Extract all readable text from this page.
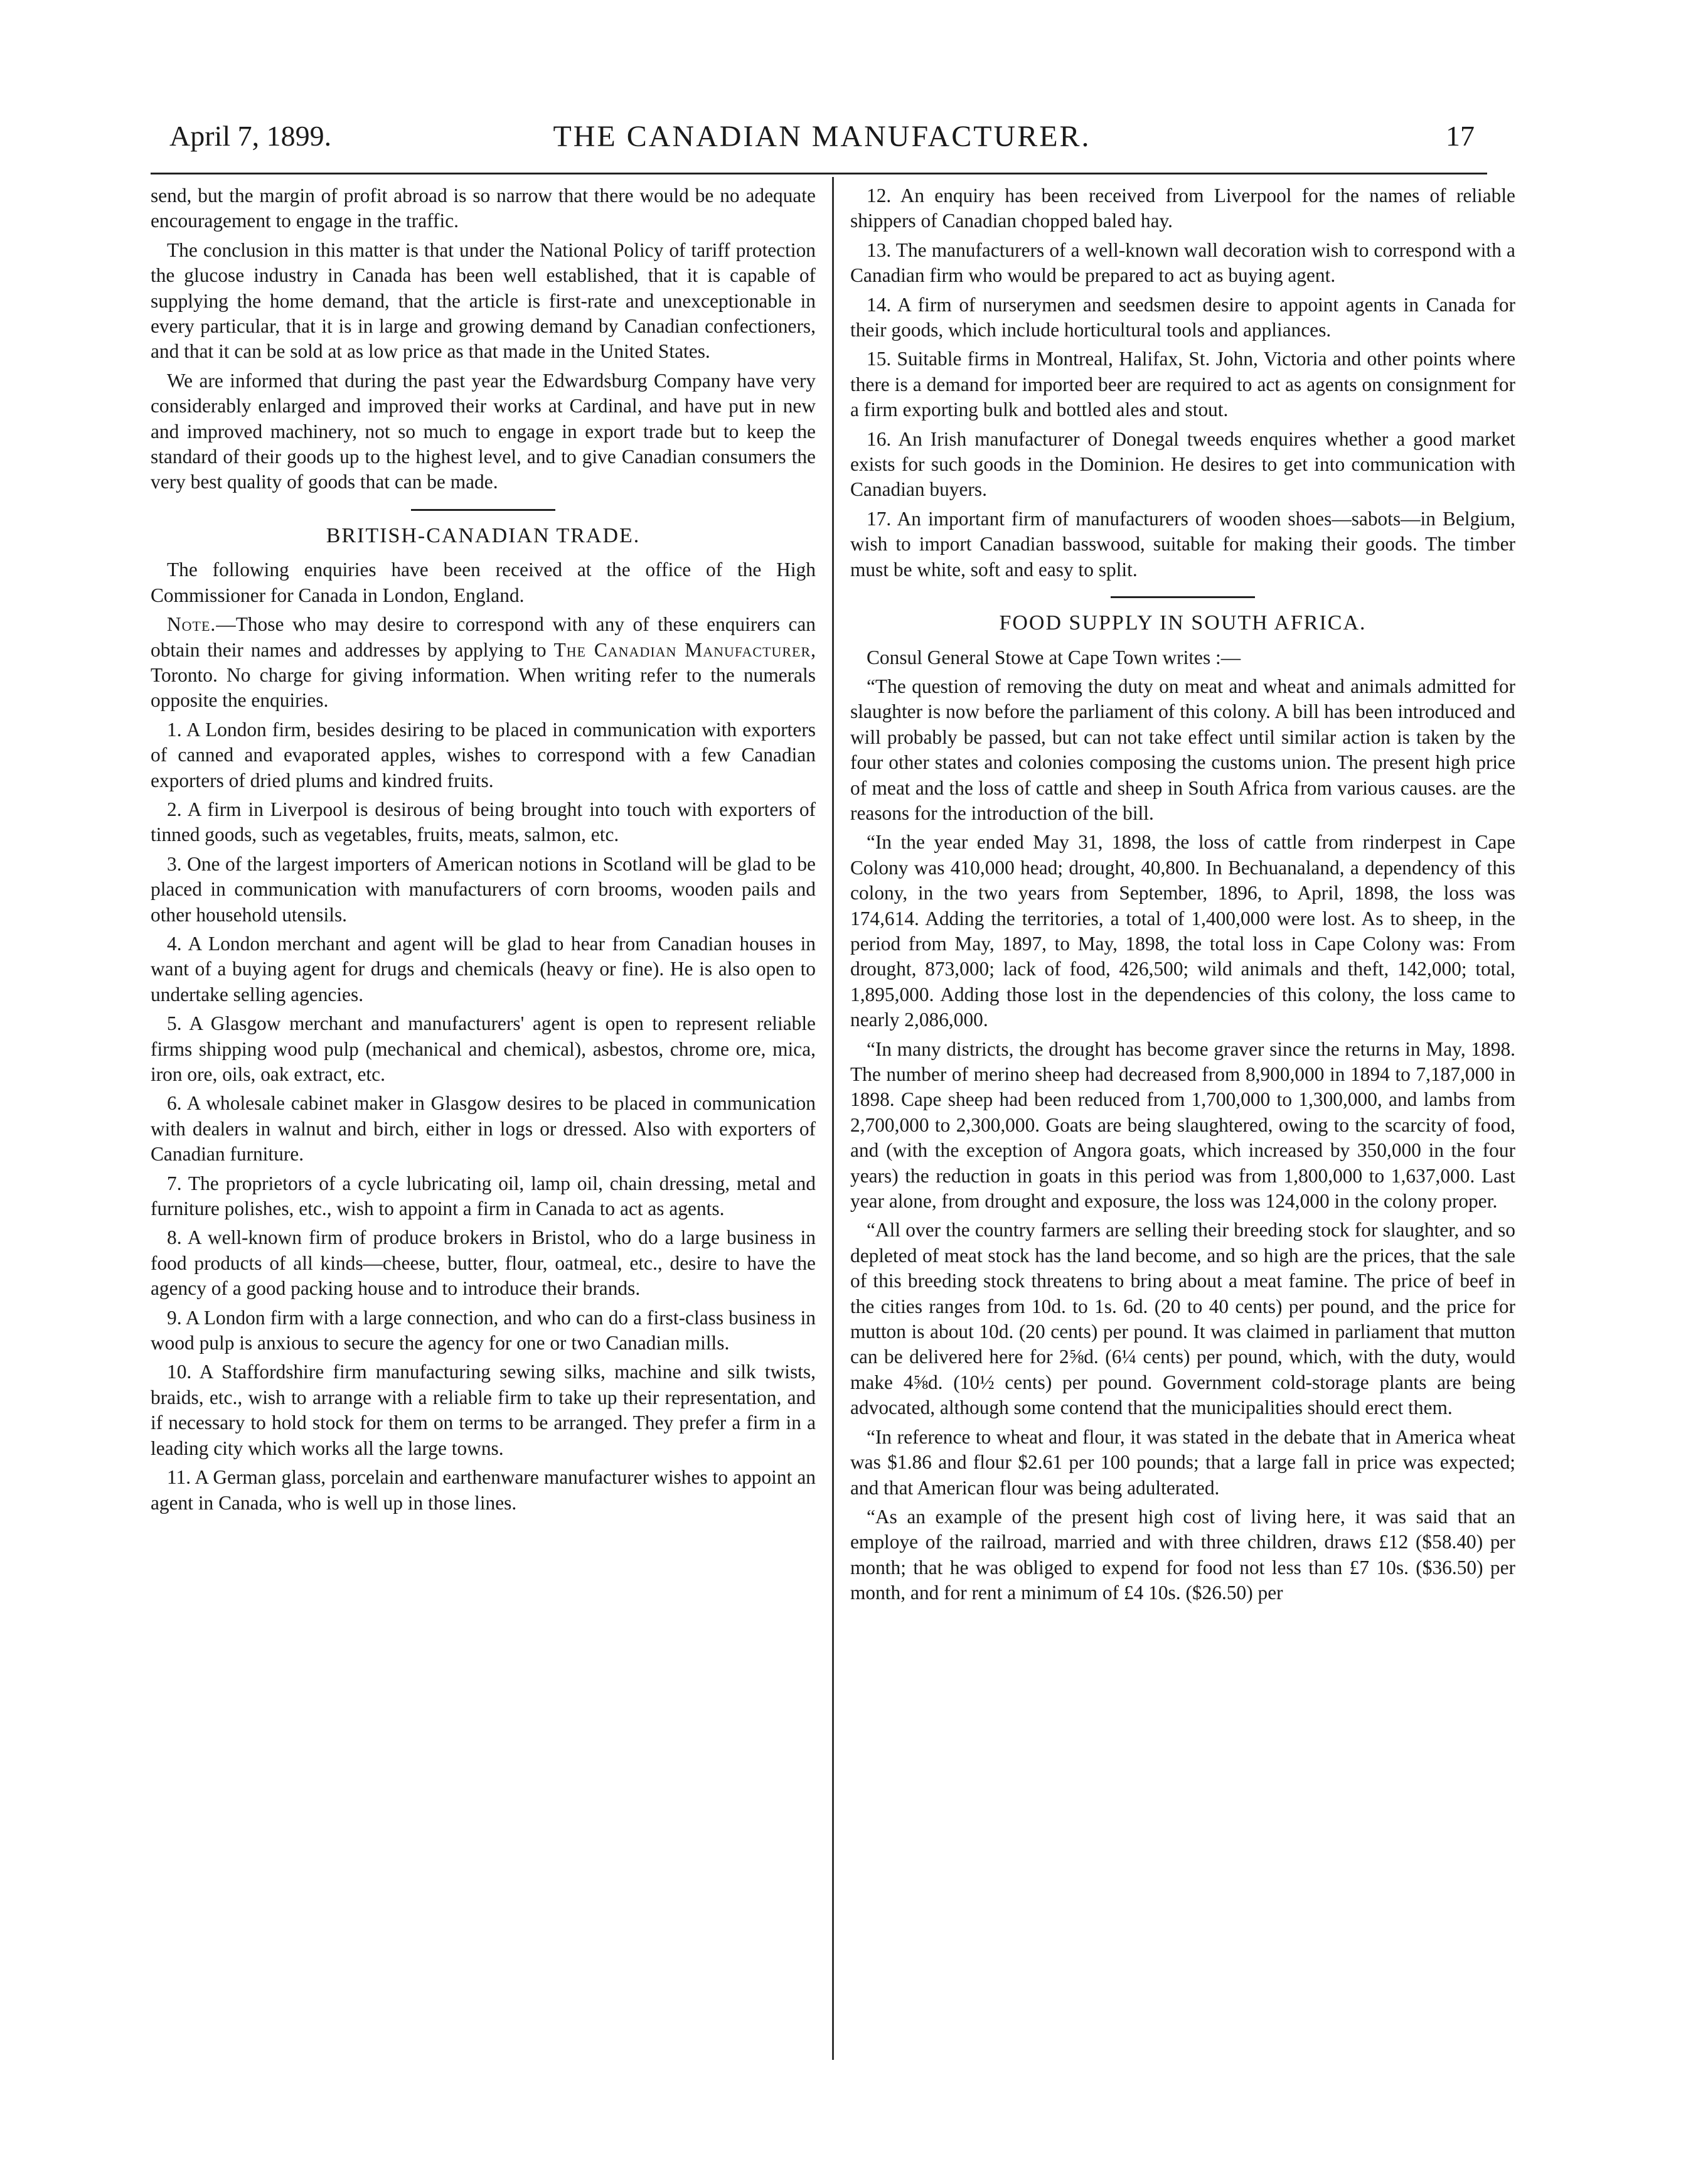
April 7, 1899.	THE CANADIAN MANUFACTURER.	17

send, but the margin of profit abroad is so narrow that there would be no adequate encouragement to engage in the traffic.

The conclusion in this matter is that under the National Policy of tariff protection the glucose industry in Canada has been well established, that it is capable of supplying the home demand, that the article is first-rate and unexceptionable in every particular, that it is in large and growing demand by Canadian confectioners, and that it can be sold at as low price as that made in the United States.

We are informed that during the past year the Edwardsburg Company have very considerably enlarged and improved their works at Cardinal, and have put in new and improved machinery, not so much to engage in export trade but to keep the standard of their goods up to the highest level, and to give Canadian consumers the very best quality of goods that can be made.

BRITISH-CANADIAN TRADE.

The following enquiries have been received at the office of the High Commissioner for Canada in London, England.

Note.—Those who may desire to correspond with any of these enquirers can obtain their names and addresses by applying to The Canadian Manufacturer, Toronto. No charge for giving information. When writing refer to the numerals opposite the enquiries.

1. A London firm, besides desiring to be placed in communication with exporters of canned and evaporated apples, wishes to correspond with a few Canadian exporters of dried plums and kindred fruits.

2. A firm in Liverpool is desirous of being brought into touch with exporters of tinned goods, such as vegetables, fruits, meats, salmon, etc.

3. One of the largest importers of American notions in Scotland will be glad to be placed in communication with manufacturers of corn brooms, wooden pails and other household utensils.

4. A London merchant and agent will be glad to hear from Canadian houses in want of a buying agent for drugs and chemicals (heavy or fine). He is also open to undertake selling agencies.

5. A Glasgow merchant and manufacturers' agent is open to represent reliable firms shipping wood pulp (mechanical and chemical), asbestos, chrome ore, mica, iron ore, oils, oak extract, etc.

6. A wholesale cabinet maker in Glasgow desires to be placed in communication with dealers in walnut and birch, either in logs or dressed. Also with exporters of Canadian furniture.

7. The proprietors of a cycle lubricating oil, lamp oil, chain dressing, metal and furniture polishes, etc., wish to appoint a firm in Canada to act as agents.

8. A well-known firm of produce brokers in Bristol, who do a large business in food products of all kinds—cheese, butter, flour, oatmeal, etc., desire to have the agency of a good packing house and to introduce their brands.

9. A London firm with a large connection, and who can do a first-class business in wood pulp is anxious to secure the agency for one or two Canadian mills.

10. A Staffordshire firm manufacturing sewing silks, machine and silk twists, braids, etc., wish to arrange with a reliable firm to take up their representation, and if necessary to hold stock for them on terms to be arranged. They prefer a firm in a leading city which works all the large towns.

11. A German glass, porcelain and earthenware manufacturer wishes to appoint an agent in Canada, who is well up in those lines.

12. An enquiry has been received from Liverpool for the names of reliable shippers of Canadian chopped baled hay.

13. The manufacturers of a well-known wall decoration wish to correspond with a Canadian firm who would be prepared to act as buying agent.

14. A firm of nurserymen and seedsmen desire to appoint agents in Canada for their goods, which include horticultural tools and appliances.

15. Suitable firms in Montreal, Halifax, St. John, Victoria and other points where there is a demand for imported beer are required to act as agents on consignment for a firm exporting bulk and bottled ales and stout.

16. An Irish manufacturer of Donegal tweeds enquires whether a good market exists for such goods in the Dominion. He desires to get into communication with Canadian buyers.

17. An important firm of manufacturers of wooden shoes—sabots—in Belgium, wish to import Canadian basswood, suitable for making their goods. The timber must be white, soft and easy to split.

FOOD SUPPLY IN SOUTH AFRICA.

Consul General Stowe at Cape Town writes :—

“The question of removing the duty on meat and wheat and animals admitted for slaughter is now before the parliament of this colony. A bill has been introduced and will probably be passed, but can not take effect until similar action is taken by the four other states and colonies composing the customs union. The present high price of meat and the loss of cattle and sheep in South Africa from various causes. are the reasons for the introduction of the bill.

“In the year ended May 31, 1898, the loss of cattle from rinderpest in Cape Colony was 410,000 head; drought, 40,800. In Bechuanaland, a dependency of this colony, in the two years from September, 1896, to April, 1898, the loss was 174,614. Adding the territories, a total of 1,400,000 were lost. As to sheep, in the period from May, 1897, to May, 1898, the total loss in Cape Colony was: From drought, 873,000; lack of food, 426,500; wild animals and theft, 142,000; total, 1,895,000. Adding those lost in the dependencies of this colony, the loss came to nearly 2,086,000.

“In many districts, the drought has become graver since the returns in May, 1898. The number of merino sheep had decreased from 8,900,000 in 1894 to 7,187,000 in 1898. Cape sheep had been reduced from 1,700,000 to 1,300,000, and lambs from 2,700,000 to 2,300,000. Goats are being slaughtered, owing to the scarcity of food, and (with the exception of Angora goats, which increased by 350,000 in the four years) the reduction in goats in this period was from 1,800,000 to 1,637,000. Last year alone, from drought and exposure, the loss was 124,000 in the colony proper.

“All over the country farmers are selling their breeding stock for slaughter, and so depleted of meat stock has the land become, and so high are the prices, that the sale of this breeding stock threatens to bring about a meat famine. The price of beef in the cities ranges from 10d. to 1s. 6d. (20 to 40 cents) per pound, and the price for mutton is about 10d. (20 cents) per pound. It was claimed in parliament that mutton can be delivered here for 2⅝d. (6¼ cents) per pound, which, with the duty, would make 4⅝d. (10½ cents) per pound. Government cold-storage plants are being advocated, although some contend that the municipalities should erect them.

“In reference to wheat and flour, it was stated in the debate that in America wheat was $1.86 and flour $2.61 per 100 pounds; that a large fall in price was expected; and that American flour was being adulterated.

“As an example of the present high cost of living here, it was said that an employe of the railroad, married and with three children, draws £12 ($58.40) per month; that he was obliged to expend for food not less than £7 10s. ($36.50) per month, and for rent a minimum of £4 10s. ($26.50) per
